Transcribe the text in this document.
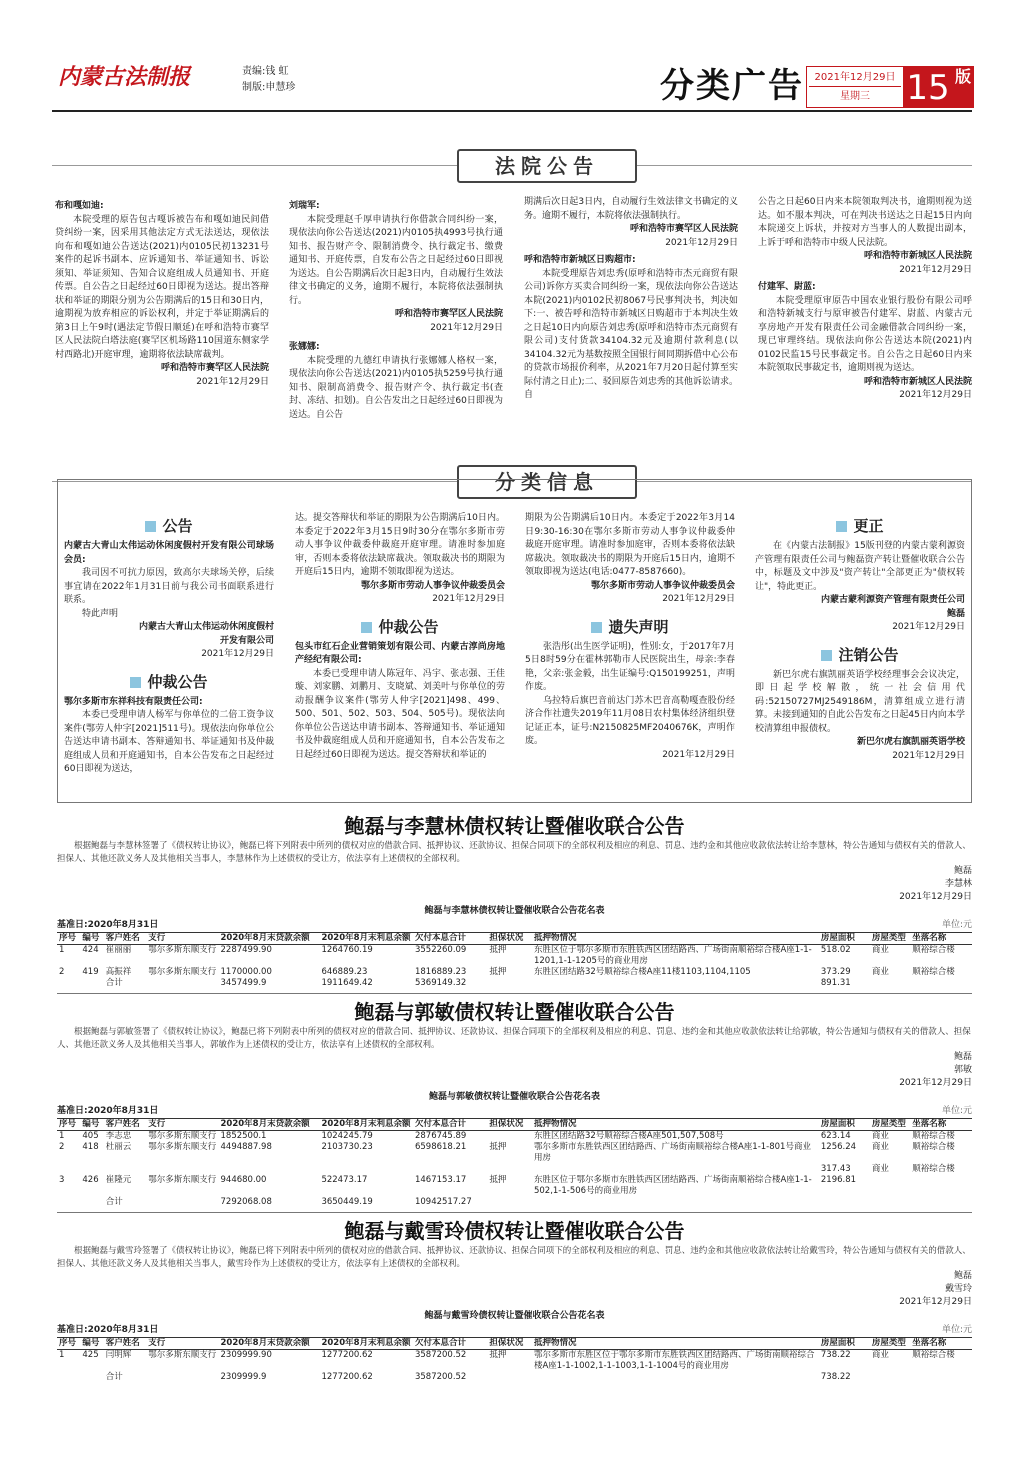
内蒙古法制报	责编:钱 虹
制版:申慧珍	分类广告	2021年12月29日
星期三	15 版
法院公告
布和嘎如迪:

本院受理的原告包古嘎诉被告布和嘎如迪民间借贷纠纷一案，因采用其他法定方式无法送达，现依法向布和嘎如迪公告送达(2021)内0105民初13231号案件的起诉书副本、应诉通知书、举证通知书、诉讼须知、举证须知、告知合议庭组成人员通知书、开庭传票。自公告之日起经过60日即视为送达。提出答辩状和举证的期限分别为公告期满后的15日和30日内，逾期视为放弃相应的诉讼权利，并定于举证期满后的第3日上午9时(遇法定节假日顺延)在呼和浩特市赛罕区人民法院白塔法庭(赛罕区机场路110国道东侧家学村西路北)开庭审理，逾期将依法缺席裁判。

呼和浩特市赛罕区人民法院
2021年12月29日
刘瑞军:

本院受理赵千厚申请执行你借款合同纠纷一案，现依法向你公告送达(2021)内0105执4993号执行通知书、报告财产令、限制消费令、执行裁定书、缴费通知书、开庭传票，自发布公告之日起经过60日即视为送达。自公告期满后次日起3日内，自动履行生效法律文书确定的义务，逾期不履行，本院将依法强制执行。

呼和浩特市赛罕区人民法院
2021年12月29日
张娜娜:

本院受理的九德红申请执行张娜娜人格权一案，现依法向你公告送达(2021)内0105执5259号执行通知书、限制高消费令、报告财产令、执行裁定书(查封、冻结、扣划)。自公告发出之日起经过60日即视为送达。自公告

期满后次日起3日内，自动履行生效法律文书确定的义务。逾期不履行，本院将依法强制执行。

呼和浩特市赛罕区人民法院
2021年12月29日
呼和浩特市新城区日购超市:

本院受理原告刘忠秀(原呼和浩特市杰元商贸有限公司)诉你方买卖合同纠纷一案，现依法向你公告送达本院(2021)内0102民初8067号民事判决书，判决如下:一、被告呼和浩特市新城区日购超市于本判决生效之日起10日内向原告刘忠秀(原呼和浩特市杰元商贸有限公司)支付货款34104.32元及逾期付款利息(以34104.32元为基数按照全国银行间同期拆借中心公布的贷款市场报价利率，从2021年7月20日起付算至实际付清之日止);二、驳回原告刘忠秀的其他诉讼请求。自

公告之日起60日内来本院领取判决书，逾期则视为送达。如不服本判决，可在判决书送达之日起15日内向本院递交上诉状，并按对方当事人的人数提出副本，上诉于呼和浩特市中级人民法院。

呼和浩特市新城区人民法院
2021年12月29日
付建军、尉蓝:

本院受理原审原告中国农业银行股份有限公司呼和浩特新城支行与原审被告付建军、尉蓝、内蒙古元享房地产开发有限责任公司金融借款合同纠纷一案，现已审理终结。现依法向你公告送达本院(2021)内0102民监15号民事裁定书。自公告之日起60日内来本院领取民事裁定书，逾期则视为送达。

呼和浩特市新城区人民法院
2021年12月29日
分类信息
公告
内蒙古大青山太伟运动休闲度假村开发有限公司球场会员:

我司因不可抗力原因，致高尔夫球场关停，后续事宜请在2022年1月31日前与我公司书面联系进行联系。

特此声明

内蒙古大青山太伟运动休闲度假村
开发有限公司
2021年12月29日
仲裁公告
鄂尔多斯市东祥科技有限责任公司:

本委已受理申请人杨军与你单位的二倍工资争议案件(鄂劳人仲字[2021]511号)。现依法向你单位公告送达申请书副本、答辩通知书、举证通知书及仲裁庭组成人员和开庭通知书，自本公告发布之日起经过60日即视为送达，

达。提交答辩状和举证的期限为公告期满后10日内。本委定于2022年3月15日9时30分在鄂尔多斯市劳动人事争议仲裁委仲裁庭开庭审理。请准时参加庭审，否则本委将依法缺席裁决。领取裁决书的期限为开庭后15日内，逾期不领取即视为送达。

鄂尔多斯市劳动人事争议仲裁委员会
2021年12月29日
仲裁公告
包头市红石企业营销策划有限公司、内蒙古淳尚房地产经纪有限公司:

本委已受理申请人陈冠年、冯宇、张志强、王佳璇、刘家鹏、刘鹏月、支晓斌、刘美叶与你单位的劳动报酬争议案件(鄂劳人仲字[2021]498、499、500、501、502、503、504、505号)。现依法向你单位公告送达申请书副本、答辩通知书、举证通知书及仲裁庭组成人员和开庭通知书，自本公告发布之日起经过60日即视为送达。提交答辩状和举证的

期限为公告期满后10日内。本委定于2022年3月14日9:30-16:30在鄂尔多斯市劳动人事争议仲裁委仲裁庭开庭审理。请准时参加庭审，否则本委将依法缺席裁决。领取裁决书的期限为开庭后15日内，逾期不领取即视为送达(电话:0477-8587660)。

鄂尔多斯市劳动人事争议仲裁委员会
2021年12月29日
遗失声明

张浩彤(出生医学证明)，性别:女，于2017年7月5日8时59分在霍林郭勒市人民医院出生，母亲:李春艳，父亲:张金毅，出生证编号:Q150199251，声明作废。

乌拉特后旗巴音前达门苏木巴音高勒嘎查股份经济合作社遗失2019年11月08日农村集体经济组织登记证正本，证号:N2150825MF2040676K，声明作废。

2021年12月29日
更正

在《内蒙古法制报》15版刊登的内蒙古蒙利源资产管理有限责任公司与鲍磊资产转让暨催收联合公告中，标题及文中涉及"资产转让"全部更正为"债权转让"，特此更正。

内蒙古蒙利源资产管理有限责任公司
鲍磊
2021年12月29日
注销公告

新巴尔虎右旗凯丽英语学校经理事会会议决定，即日起学校解散，统一社会信用代码:52150727MJ2549186M，清算组成立进行清算。未接到通知的自此公告发布之日起45日内向本学校清算组申报债权。

新巴尔虎右旗凯丽英语学校
2021年12月29日
鲍磊与李慧林债权转让暨催收联合公告
根据鲍磊与李慧林签署了《债权转让协议》，鲍磊已将下列附表中所列的债权对应的借款合同、抵押协议、还款协议、担保合同项下的全部权利及相应的利息、罚息、违约金和其他应收款依法转让给李慧林，特公告通知与债权有关的借款人、担保人、其他还款义务人及其他相关当事人，李慧林作为上述债权的受让方，依法享有上述债权的全部权利。
鲍磊
李慧林
2021年12月29日
鲍磊与李慧林债权转让暨催收联合公告花名表
基准日:2020年8月31日	单位:元
序号	编号	客户姓名	支行	2020年8月末贷款余额	2020年8月末利息余额	欠付本息合计	担保状况	抵押物情况	房屋面积	房屋类型	坐落名称
1	424	崔丽丽	鄂尔多斯东顺支行	2287499.90	1264760.19	3552260.09	抵押	东胜区位于鄂尔多斯市东胜铁西区团结路西、广场街南顺裕综合楼A座1-1-1201,1-1-1205号的商业用房	518.02	商业	顺裕综合楼
2	419	高振祥	鄂尔多斯东顺支行	1170000.00	646889.23	1816889.23	抵押	东胜区团结路32号顺裕综合楼A座11楼1103,1104,1105	373.29	商业	顺裕综合楼
		合计		3457499.9	1911649.42	5369149.32			891.31		
鲍磊与郭敏债权转让暨催收联合公告
根据鲍磊与郭敏签署了《债权转让协议》，鲍磊已将下列附表中所列的债权对应的借款合同、抵押协议、还款协议、担保合同项下的全部权利及相应的利息、罚息、违约金和其他应收款依法转让给郭敏，特公告通知与债权有关的借款人、担保人、其他还款义务人及其他相关当事人，郭敏作为上述债权的受让方，依法享有上述债权的全部权利。
鲍磊
郭敏
2021年12月29日
鲍磊与郭敏债权转让暨催收联合公告花名表
基准日:2020年8月31日	单位:元
序号	编号	客户姓名	支行	2020年8月末贷款余额	2020年8月末利息余额	欠付本息合计	担保状况	抵押物情况	房屋面积	房屋类型	坐落名称
1	405	李志忠	鄂尔多斯东顺支行	1852500.1	1024245.79	2876745.89		东胜区团结路32号顺裕综合楼A座501,507,508号	623.14	商业	顺裕综合楼
2	418	杜丽云	鄂尔多斯东顺支行	4494887.98	2103730.23	6598618.21	抵押	鄂尔多斯市东胜铁西区团结路西、广场街南顺裕综合楼A座1-1-801号商业用房	1256.24	商业	顺裕综合楼
									317.43	商业	顺裕综合楼
3	426	崔隆元	鄂尔多斯东顺支行	944680.00	522473.17	1467153.17	抵押	东胜区位于鄂尔多斯市东胜铁西区团结路西、广场街南顺裕综合楼A座1-1-502,1-1-506号的商业用房	2196.81		
		合计		7292068.08	3650449.19	10942517.27					
鲍磊与戴雪玲债权转让暨催收联合公告
根据鲍磊与戴雪玲签署了《债权转让协议》，鲍磊已将下列附表中所列的债权对应的借款合同、抵押协议、还款协议、担保合同项下的全部权利及相应的利息、罚息、违约金和其他应收款依法转让给戴雪玲，特公告通知与债权有关的借款人、担保人、其他还款义务人及其他相关当事人，戴雪玲作为上述债权的受让方，依法享有上述债权的全部权利。
鲍磊
戴雪玲
2021年12月29日
鲍磊与戴雪玲债权转让暨催收联合公告花名表
基准日:2020年8月31日	单位:元
序号	编号	客户姓名	支行	2020年8月末贷款余额	2020年8月末利息余额	欠付本息合计	担保状况	抵押物情况	房屋面积	房屋类型	坐落名称
1	425	闫明辉	鄂尔多斯东顺支行	2309999.90	1277200.62	3587200.52	抵押	鄂尔多斯市东胜区位于鄂尔多斯市东胜铁西区团结路西、广场街南顺裕综合楼A座1-1-1002,1-1-1003,1-1-1004号的商业用房	738.22	商业	顺裕综合楼
		合计		2309999.9	1277200.62	3587200.52			738.22		
